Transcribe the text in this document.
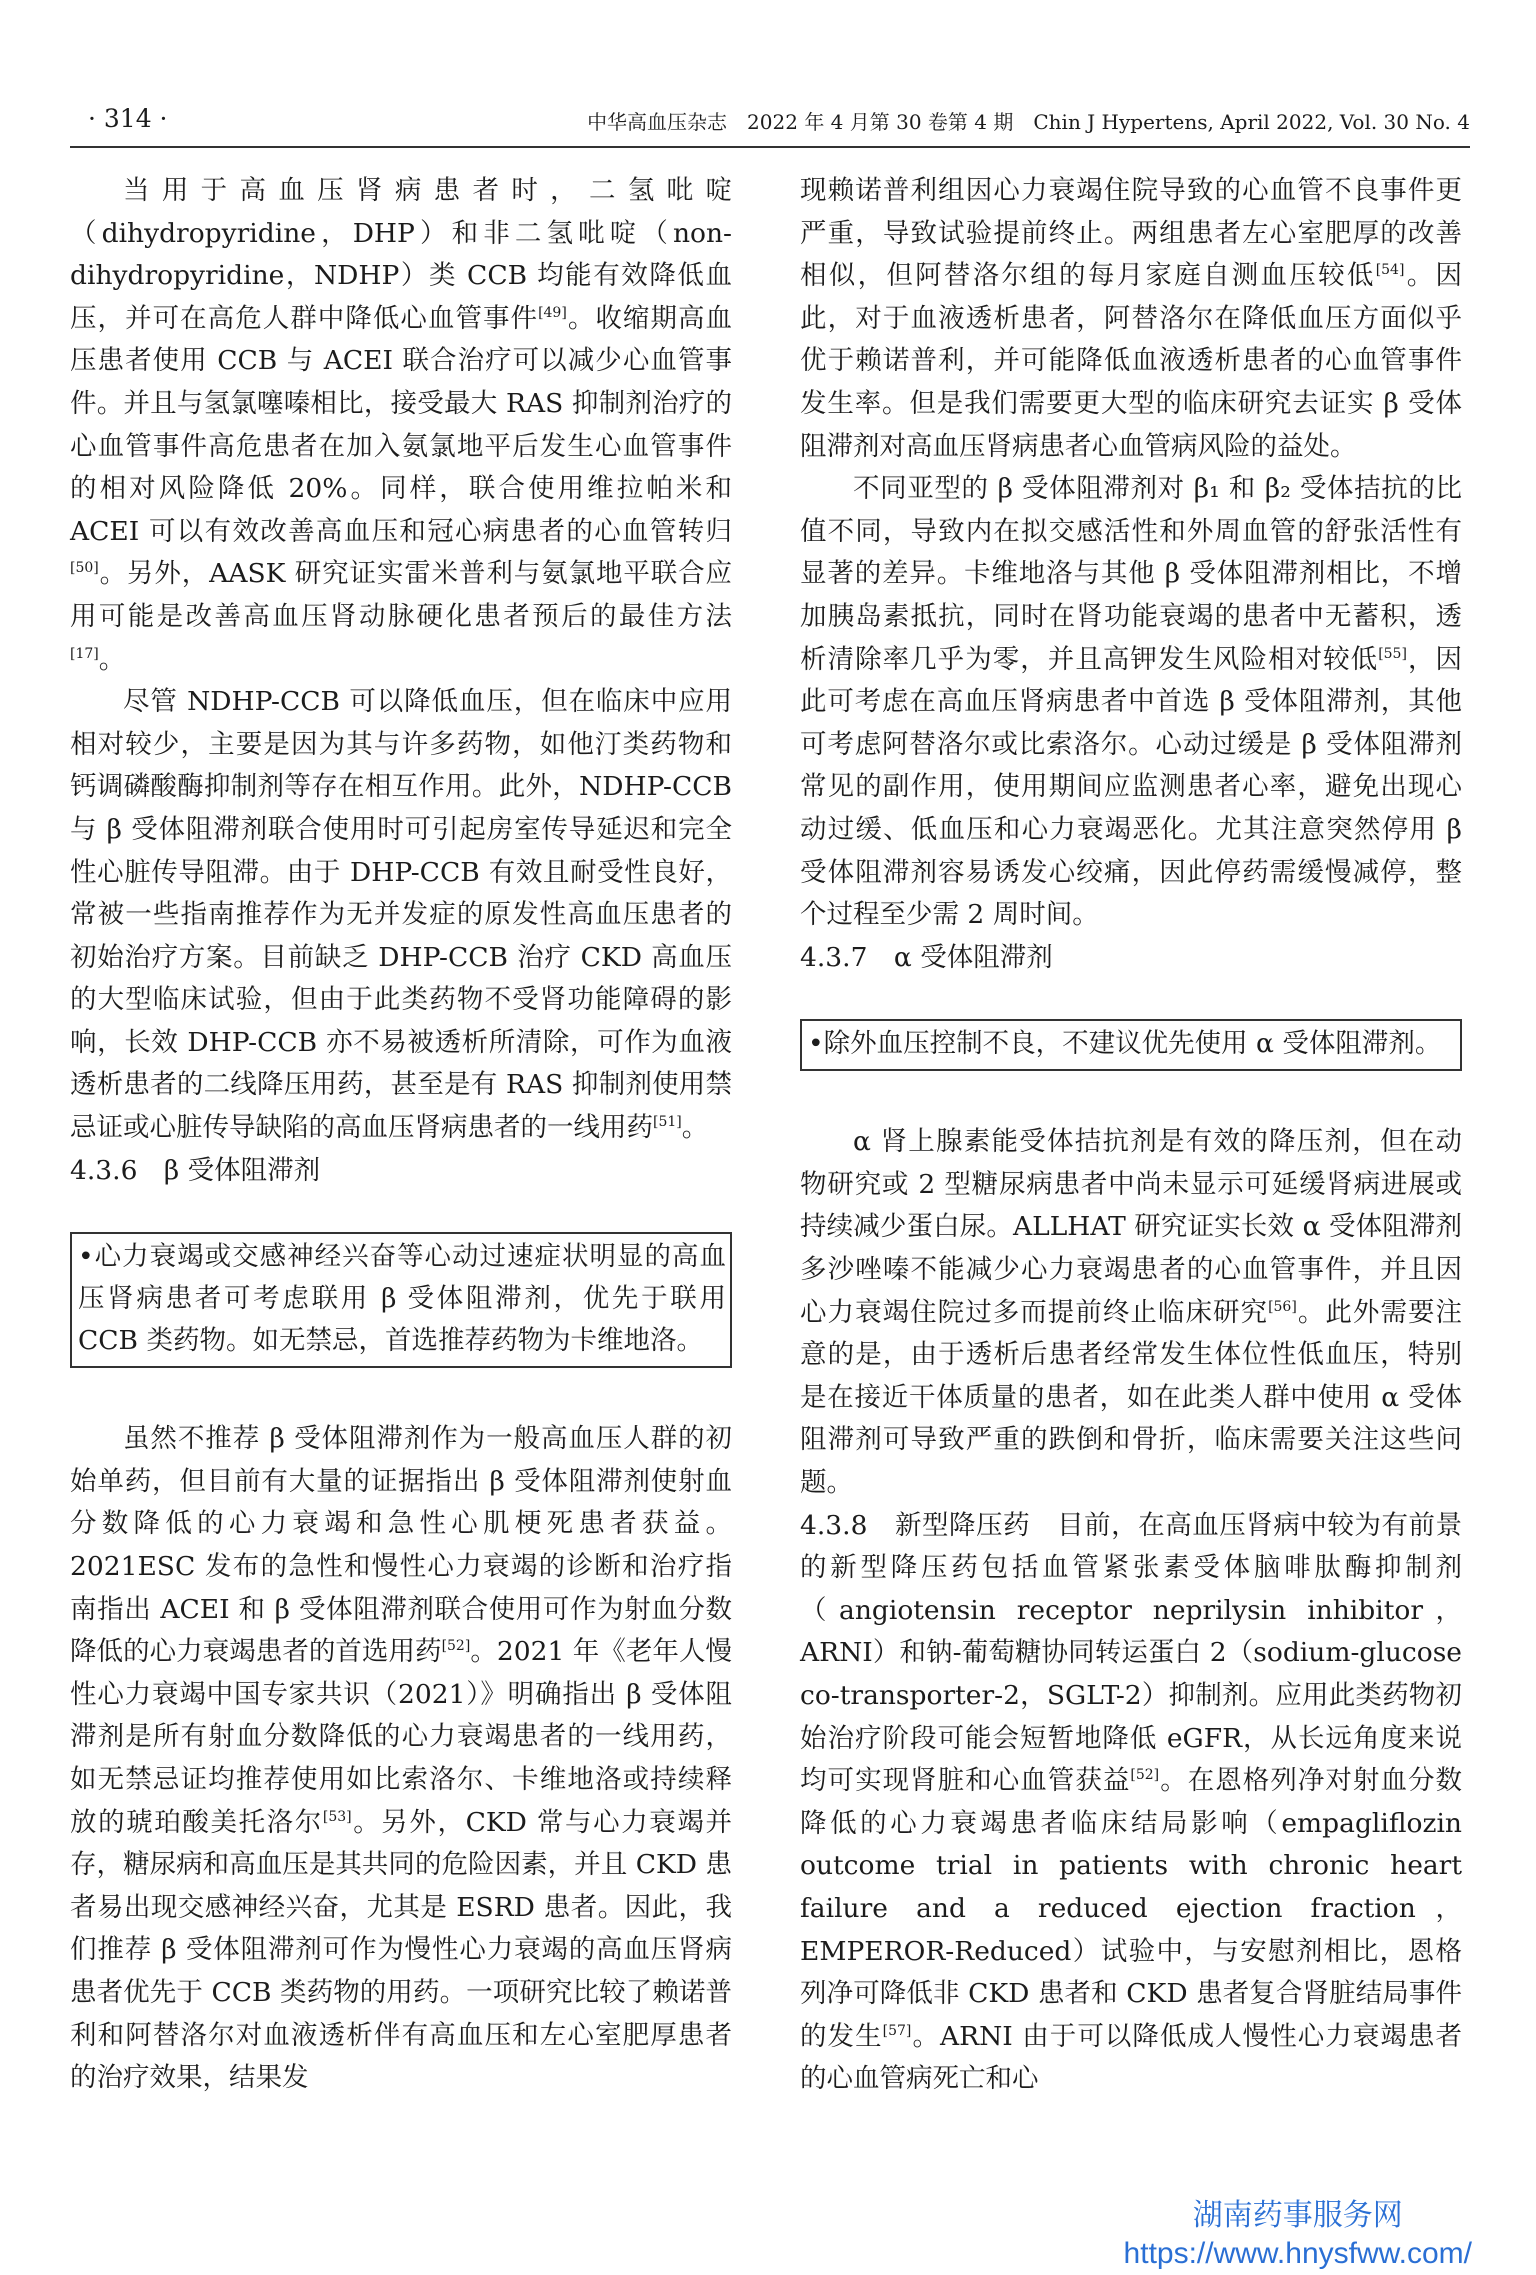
· 314 ·	中华高血压杂志　2022 年 4 月第 30 卷第 4 期　Chin J Hypertens, April 2022, Vol. 30 No. 4

当用于高血压肾病患者时，二氢吡啶（dihydropyridine，DHP）和非二氢吡啶（non-dihydropyridine，NDHP）类 CCB 均能有效降低血压，并可在高危人群中降低心血管事件[49]。收缩期高血压患者使用 CCB 与 ACEI 联合治疗可以减少心血管事件。并且与氢氯噻嗪相比，接受最大 RAS 抑制剂治疗的心血管事件高危患者在加入氨氯地平后发生心血管事件的相对风险降低 20%。同样，联合使用维拉帕米和 ACEI 可以有效改善高血压和冠心病患者的心血管转归[50]。另外，AASK 研究证实雷米普利与氨氯地平联合应用可能是改善高血压肾动脉硬化患者预后的最佳方法[17]。

尽管 NDHP-CCB 可以降低血压，但在临床中应用相对较少，主要是因为其与许多药物，如他汀类药物和钙调磷酸酶抑制剂等存在相互作用。此外，NDHP-CCB 与 β 受体阻滞剂联合使用时可引起房室传导延迟和完全性心脏传导阻滞。由于 DHP-CCB 有效且耐受性良好，常被一些指南推荐作为无并发症的原发性高血压患者的初始治疗方案。目前缺乏 DHP-CCB 治疗 CKD 高血压的大型临床试验，但由于此类药物不受肾功能障碍的影响，长效 DHP-CCB 亦不易被透析所清除，可作为血液透析患者的二线降压用药，甚至是有 RAS 抑制剂使用禁忌证或心脏传导缺陷的高血压肾病患者的一线用药[51]。

4.3.6　β 受体阻滞剂

•心力衰竭或交感神经兴奋等心动过速症状明显的高血压肾病患者可考虑联用 β 受体阻滞剂，优先于联用 CCB 类药物。如无禁忌，首选推荐药物为卡维地洛。

虽然不推荐 β 受体阻滞剂作为一般高血压人群的初始单药，但目前有大量的证据指出 β 受体阻滞剂使射血分数降低的心力衰竭和急性心肌梗死患者获益。2021ESC 发布的急性和慢性心力衰竭的诊断和治疗指南指出 ACEI 和 β 受体阻滞剂联合使用可作为射血分数降低的心力衰竭患者的首选用药[52]。2021 年《老年人慢性心力衰竭中国专家共识（2021）》明确指出 β 受体阻滞剂是所有射血分数降低的心力衰竭患者的一线用药，如无禁忌证均推荐使用如比索洛尔、卡维地洛或持续释放的琥珀酸美托洛尔[53]。另外，CKD 常与心力衰竭并存，糖尿病和高血压是其共同的危险因素，并且 CKD 患者易出现交感神经兴奋，尤其是 ESRD 患者。因此，我们推荐 β 受体阻滞剂可作为慢性心力衰竭的高血压肾病患者优先于 CCB 类药物的用药。一项研究比较了赖诺普利和阿替洛尔对血液透析伴有高血压和左心室肥厚患者的治疗效果，结果发

现赖诺普利组因心力衰竭住院导致的心血管不良事件更严重，导致试验提前终止。两组患者左心室肥厚的改善相似，但阿替洛尔组的每月家庭自测血压较低[54]。因此，对于血液透析患者，阿替洛尔在降低血压方面似乎优于赖诺普利，并可能降低血液透析患者的心血管事件发生率。但是我们需要更大型的临床研究去证实 β 受体阻滞剂对高血压肾病患者心血管病风险的益处。

不同亚型的 β 受体阻滞剂对 β₁ 和 β₂ 受体拮抗的比值不同，导致内在拟交感活性和外周血管的舒张活性有显著的差异。卡维地洛与其他 β 受体阻滞剂相比，不增加胰岛素抵抗，同时在肾功能衰竭的患者中无蓄积，透析清除率几乎为零，并且高钾发生风险相对较低[55]，因此可考虑在高血压肾病患者中首选 β 受体阻滞剂，其他可考虑阿替洛尔或比索洛尔。心动过缓是 β 受体阻滞剂常见的副作用，使用期间应监测患者心率，避免出现心动过缓、低血压和心力衰竭恶化。尤其注意突然停用 β 受体阻滞剂容易诱发心绞痛，因此停药需缓慢减停，整个过程至少需 2 周时间。

4.3.7　α 受体阻滞剂

•除外血压控制不良，不建议优先使用 α 受体阻滞剂。

α 肾上腺素能受体拮抗剂是有效的降压剂，但在动物研究或 2 型糖尿病患者中尚未显示可延缓肾病进展或持续减少蛋白尿。ALLHAT 研究证实长效 α 受体阻滞剂多沙唑嗪不能减少心力衰竭患者的心血管事件，并且因心力衰竭住院过多而提前终止临床研究[56]。此外需要注意的是，由于透析后患者经常发生体位性低血压，特别是在接近干体质量的患者，如在此类人群中使用 α 受体阻滞剂可导致严重的跌倒和骨折，临床需要关注这些问题。

4.3.8　新型降压药　目前，在高血压肾病中较为有前景的新型降压药包括血管紧张素受体脑啡肽酶抑制剂（angiotensin receptor neprilysin inhibitor，ARNI）和钠-葡萄糖协同转运蛋白 2（sodium-glucose co-transporter-2，SGLT-2）抑制剂。应用此类药物初始治疗阶段可能会短暂地降低 eGFR，从长远角度来说均可实现肾脏和心血管获益[52]。在恩格列净对射血分数降低的心力衰竭患者临床结局影响（empagliflozin outcome trial in patients with chronic heart failure and a reduced ejection fraction，EMPEROR-Reduced）试验中，与安慰剂相比，恩格列净可降低非 CKD 患者和 CKD 患者复合肾脏结局事件的发生[57]。ARNI 由于可以降低成人慢性心力衰竭患者的心血管病死亡和心

湖南药事服务网
https://www.hnysfww.com/
